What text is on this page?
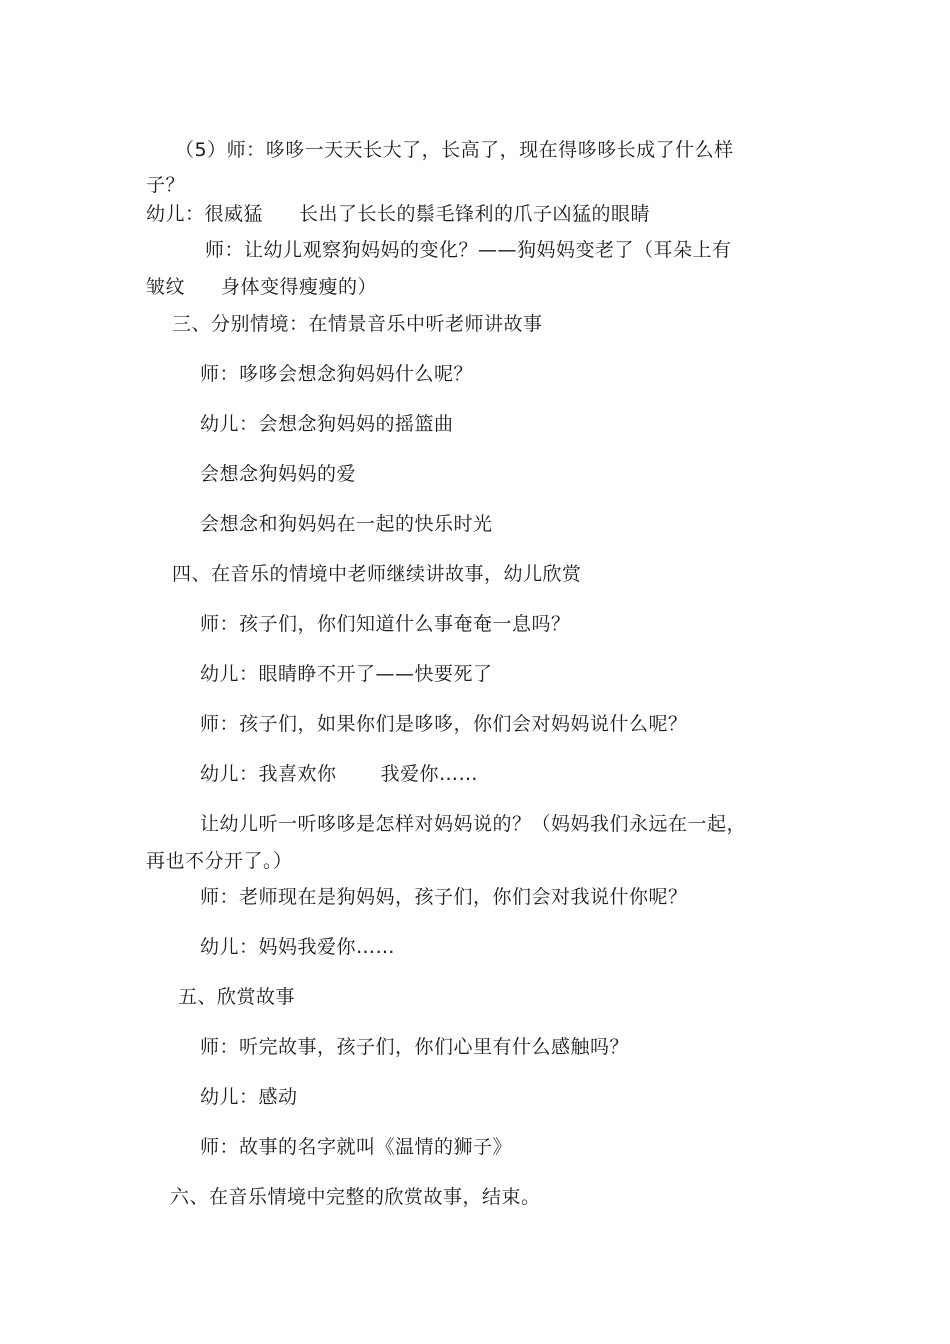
（5）师：哆哆一天天长大了，长高了，现在得哆哆长成了什么样
子？
幼儿：很威猛 长出了长长的鬃毛锋利的爪子凶猛的眼睛
师：让幼儿观察狗妈妈的变化？——狗妈妈变老了（耳朵上有
皱纹 身体变得瘦瘦的）
三、分别情境：在情景音乐中听老师讲故事
师：哆哆会想念狗妈妈什么呢？
幼儿：会想念狗妈妈的摇篮曲
会想念狗妈妈的爱
会想念和狗妈妈在一起的快乐时光
四、在音乐的情境中老师继续讲故事，幼儿欣赏
师：孩子们，你们知道什么事奄奄一息吗？
幼儿：眼睛睁不开了——快要死了
师：孩子们，如果你们是哆哆，你们会对妈妈说什么呢？
幼儿：我喜欢你 我爱你……
让幼儿听一听哆哆是怎样对妈妈说的？（妈妈我们永远在一起，
再也不分开了。）
师：老师现在是狗妈妈，孩子们，你们会对我说什你呢？
幼儿：妈妈我爱你……
五、欣赏故事
师：听完故事，孩子们，你们心里有什么感触吗？
幼儿：感动
师：故事的名字就叫《温情的狮子》
六、在音乐情境中完整的欣赏故事，结束。
